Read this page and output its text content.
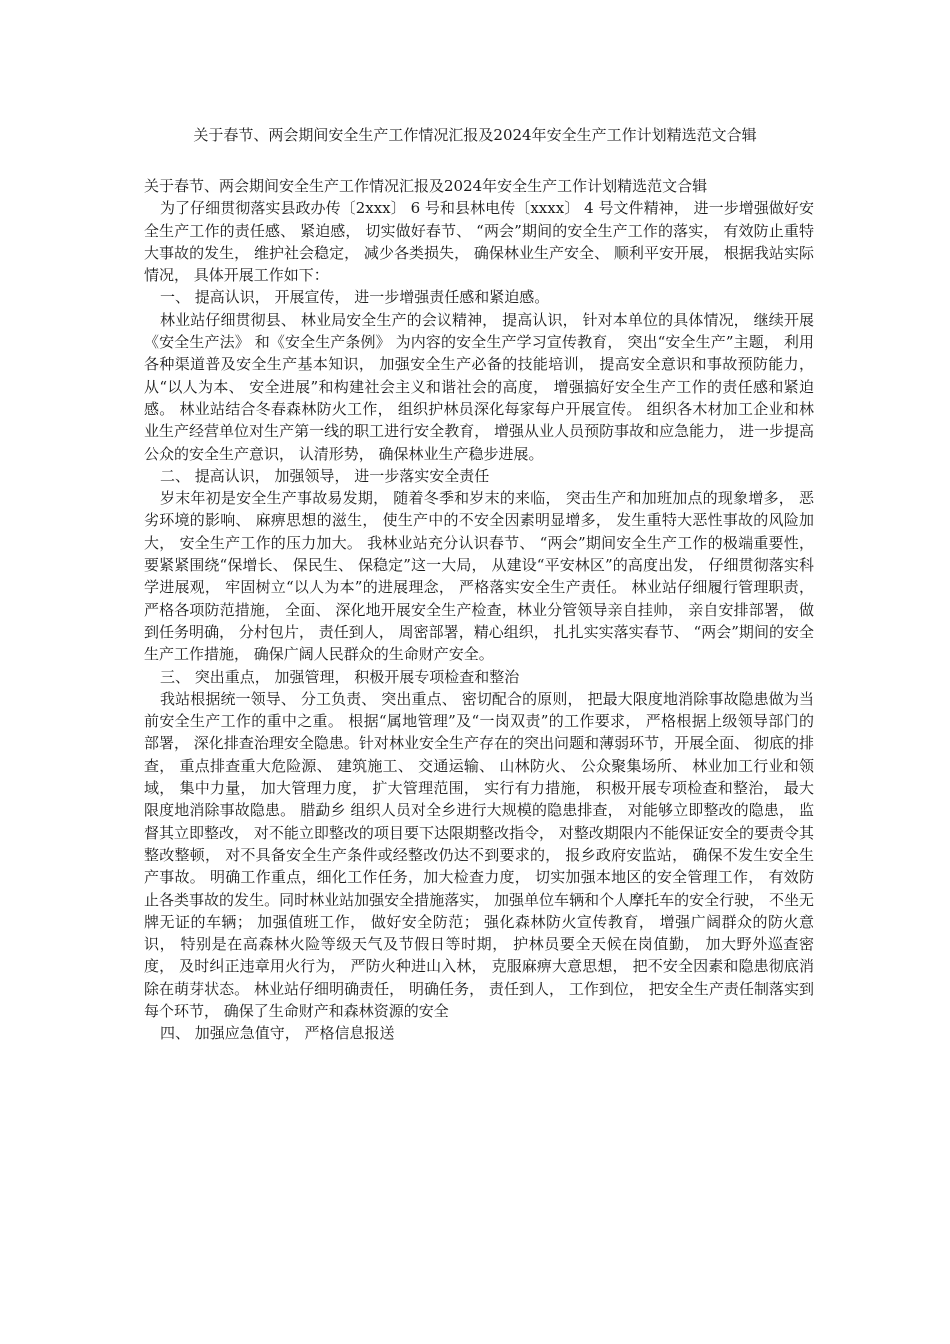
关于春节、两会期间安全生产工作情况汇报及2024年安全生产工作计划精选范文合辑

关于春节、两会期间安全生产工作情况汇报及2024年安全生产工作计划精选范文合辑

为了仔细贯彻落实县政办传〔2xxx〕 6 号和县林电传〔xxxx〕 4 号文件精神， 进一步增强做好安全生产工作的责任感、 紧迫感， 切实做好春节、 “两会”期间的安全生产工作的落实， 有效防止重特大事故的发生， 维护社会稳定， 减少各类损失， 确保林业生产安全、 顺利平安开展， 根据我站实际情况， 具体开展工作如下：

一、 提高认识， 开展宣传， 进一步增强责任感和紧迫感。

林业站仔细贯彻县、 林业局安全生产的会议精神， 提高认识， 针对本单位的具体情况， 继续开展《安全生产法》 和《安全生产条例》 为内容的安全生产学习宣传教育， 突出“安全生产”主题， 利用各种渠道普及安全生产基本知识， 加强安全生产必备的技能培训， 提高安全意识和事故预防能力， 从“以人为本、 安全进展”和构建社会主义和谐社会的高度， 增强搞好安全生产工作的责任感和紧迫感。 林业站结合冬春森林防火工作， 组织护林员深化每家每户开展宣传。 组织各木材加工企业和林业生产经营单位对生产第一线的职工进行安全教育， 增强从业人员预防事故和应急能力， 进一步提高公众的安全生产意识， 认清形势， 确保林业生产稳步进展。

二、 提高认识， 加强领导， 进一步落实安全责任

岁末年初是安全生产事故易发期， 随着冬季和岁末的来临， 突击生产和加班加点的现象增多， 恶劣环境的影响、 麻痹思想的滋生， 使生产中的不安全因素明显增多， 发生重特大恶性事故的风险加大， 安全生产工作的压力加大。 我林业站充分认识春节、 “两会”期间安全生产工作的极端重要性， 要紧紧围绕“保增长、 保民生、 保稳定”这一大局， 从建设“平安林区”的高度出发， 仔细贯彻落实科学进展观， 牢固树立“以人为本”的进展理念， 严格落实安全生产责任。 林业站仔细履行管理职责， 严格各项防范措施， 全面、 深化地开展安全生产检查，林业分管领导亲自挂帅， 亲自安排部署， 做到任务明确， 分村包片， 责任到人， 周密部署，精心组织， 扎扎实实落实春节、 “两会”期间的安全生产工作措施， 确保广阔人民群众的生命财产安全。

三、 突出重点， 加强管理， 积极开展专项检查和整治

我站根据统一领导、 分工负责、 突出重点、 密切配合的原则， 把最大限度地消除事故隐患做为当前安全生产工作的重中之重。 根据“属地管理”及“一岗双责”的工作要求， 严格根据上级领导部门的部署， 深化排查治理安全隐患。针对林业安全生产存在的突出问题和薄弱环节，开展全面、 彻底的排查， 重点排查重大危险源、 建筑施工、 交通运输、 山林防火、 公众聚集场所、 林业加工行业和领域， 集中力量， 加大管理力度， 扩大管理范围， 实行有力措施， 积极开展专项检查和整治， 最大限度地消除事故隐患。 腊勐乡 组织人员对全乡进行大规模的隐患排查， 对能够立即整改的隐患， 监督其立即整改， 对不能立即整改的项目要下达限期整改指令， 对整改期限内不能保证安全的要责令其整改整顿， 对不具备安全生产条件或经整改仍达不到要求的， 报乡政府安监站， 确保不发生安全生产事故。 明确工作重点，细化工作任务，加大检查力度， 切实加强本地区的安全管理工作， 有效防止各类事故的发生。同时林业站加强安全措施落实， 加强单位车辆和个人摩托车的安全行驶， 不坐无牌无证的车辆； 加强值班工作， 做好安全防范； 强化森林防火宣传教育， 增强广阔群众的防火意识， 特别是在高森林火险等级天气及节假日等时期， 护林员要全天候在岗值勤， 加大野外巡查密度， 及时纠正违章用火行为， 严防火种进山入林， 克服麻痹大意思想， 把不安全因素和隐患彻底消除在萌芽状态。 林业站仔细明确责任， 明确任务， 责任到人， 工作到位， 把安全生产责任制落实到每个环节， 确保了生命财产和森林资源的安全

四、 加强应急值守， 严格信息报送
